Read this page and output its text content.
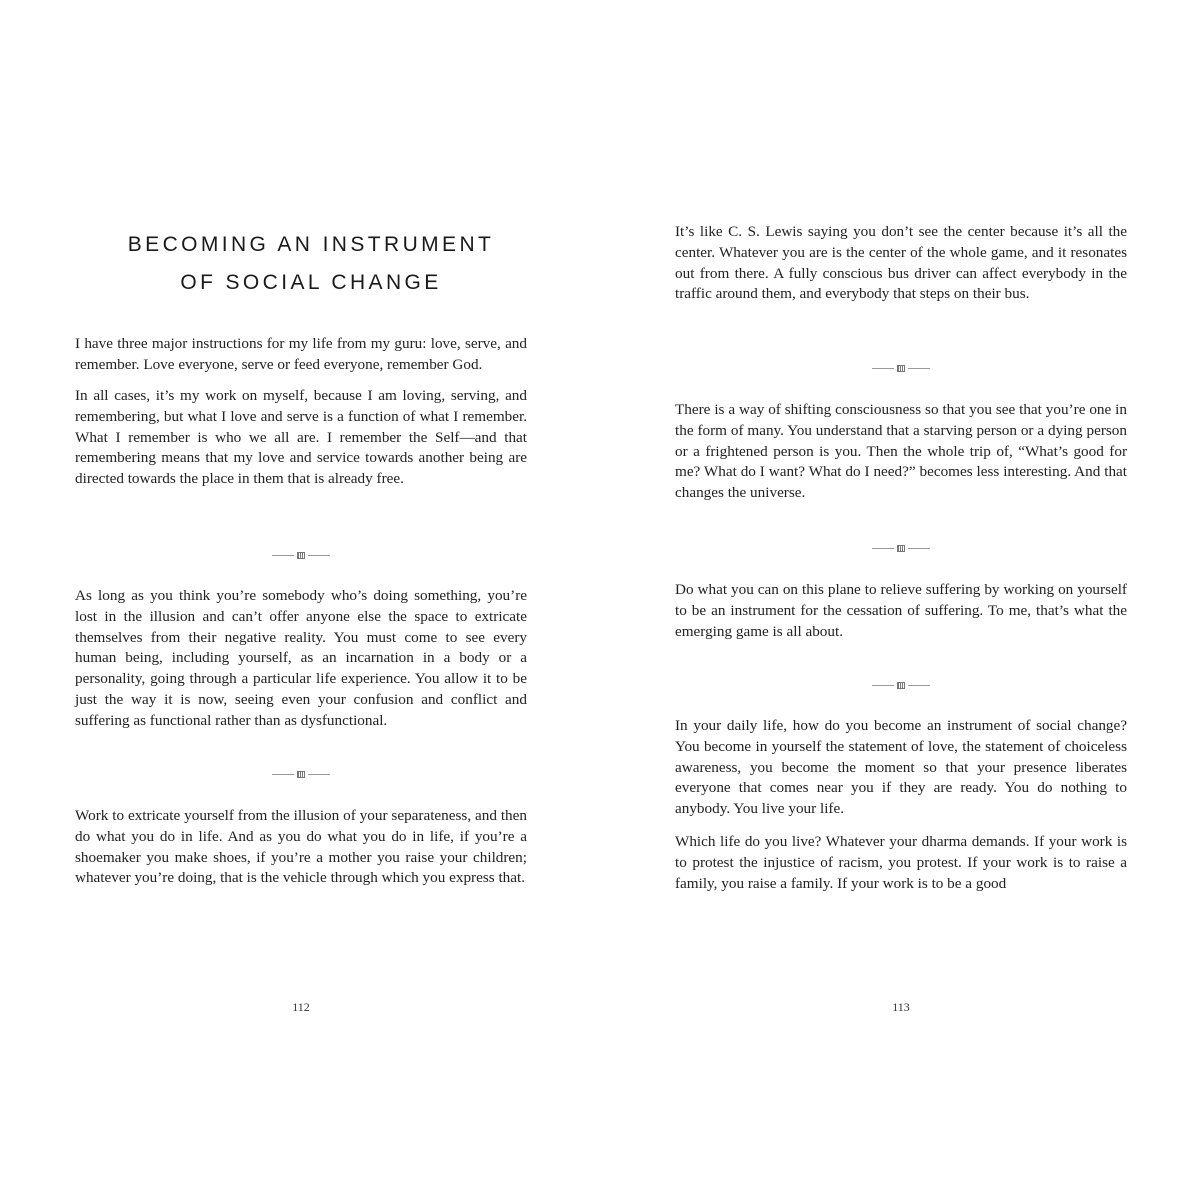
BECOMING AN INSTRUMENT
OF SOCIAL CHANGE

I have three major instructions for my life from my guru: love, serve, and remember. Love everyone, serve or feed everyone, remember God.

In all cases, it’s my work on myself, because I am loving, serving, and remembering, but what I love and serve is a function of what I remember. What I remember is who we all are. I remember the Self—and that remembering means that my love and service towards another being are directed towards the place in them that is already free.

As long as you think you’re somebody who’s doing something, you’re lost in the illusion and can’t offer anyone else the space to extricate themselves from their negative reality. You must come to see every human being, including yourself, as an incarnation in a body or a personality, going through a particular life experience. You allow it to be just the way it is now, seeing even your confusion and conflict and suffering as functional rather than as dysfunctional.

Work to extricate yourself from the illusion of your separateness, and then do what you do in life. And as you do what you do in life, if you’re a shoemaker you make shoes, if you’re a mother you raise your children; whatever you’re doing, that is the vehicle through which you express that.

112

It’s like C. S. Lewis saying you don’t see the center because it’s all the center. Whatever you are is the center of the whole game, and it resonates out from there. A fully conscious bus driver can affect everybody in the traffic around them, and everybody that steps on their bus.

There is a way of shifting consciousness so that you see that you’re one in the form of many. You understand that a starving person or a dying person or a frightened person is you. Then the whole trip of, “What’s good for me? What do I want? What do I need?” becomes less interesting. And that changes the universe.

Do what you can on this plane to relieve suffering by working on yourself to be an instrument for the cessation of suffering. To me, that’s what the emerging game is all about.

In your daily life, how do you become an instrument of social change? You become in yourself the statement of love, the statement of choiceless awareness, you become the moment so that your presence liberates everyone that comes near you if they are ready. You do nothing to anybody. You live your life.

Which life do you live? Whatever your dharma demands. If your work is to protest the injustice of racism, you protest. If your work is to raise a family, you raise a family. If your work is to be a good

113
